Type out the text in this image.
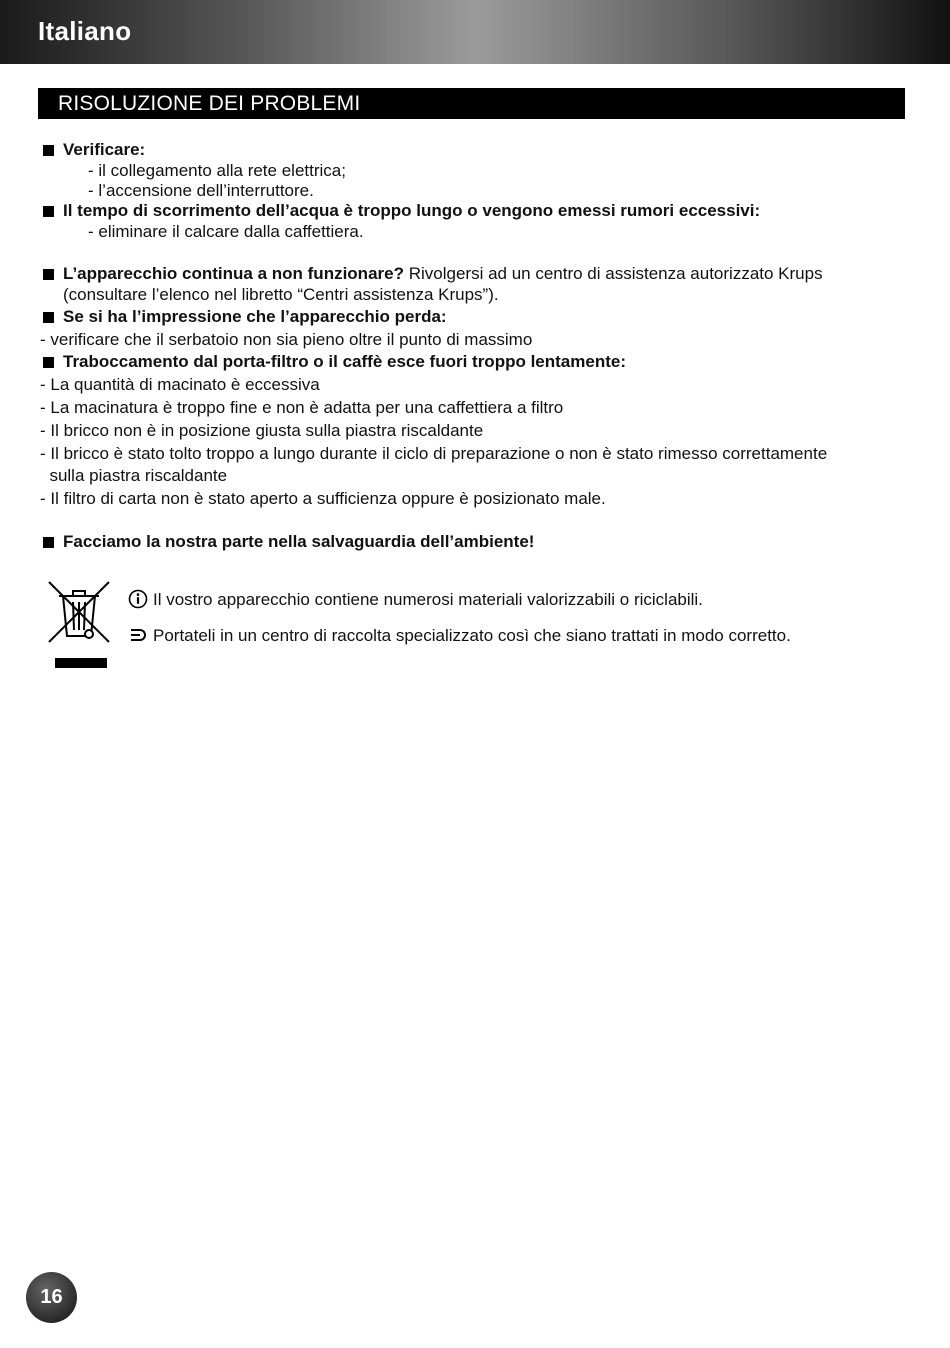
Italiano
RISOLUZIONE DEI PROBLEMI
Verificare:
- il collegamento alla rete elettrica;
- l’accensione dell’interruttore.
Il tempo di scorrimento dell’acqua è troppo lungo o vengono emessi rumori eccessivi:
- eliminare il calcare dalla caffettiera.
L’apparecchio continua a non funzionare? Rivolgersi ad un centro di assistenza autorizzato Krups
(consultare l’elenco nel libretto “Centri assistenza Krups”).
Se si ha l’impressione che l’apparecchio perda:
- verificare che il serbatoio non sia pieno oltre il punto di massimo
Traboccamento dal porta-filtro o il caffè esce fuori troppo lentamente:
- La quantità di macinato è eccessiva
- La macinatura è troppo fine e non è adatta per una caffettiera a filtro
- Il bricco non è in posizione giusta sulla piastra riscaldante
- Il bricco è stato tolto troppo a lungo durante il ciclo di preparazione o non è stato rimesso correttamente
sulla piastra riscaldante
- Il filtro di carta non è stato aperto a sufficienza oppure è posizionato male.
Facciamo la nostra parte nella salvaguardia dell’ambiente!
Il vostro apparecchio contiene numerosi materiali valorizzabili o riciclabili.
Portateli in un centro di raccolta specializzato così che siano trattati in modo corretto.
16
